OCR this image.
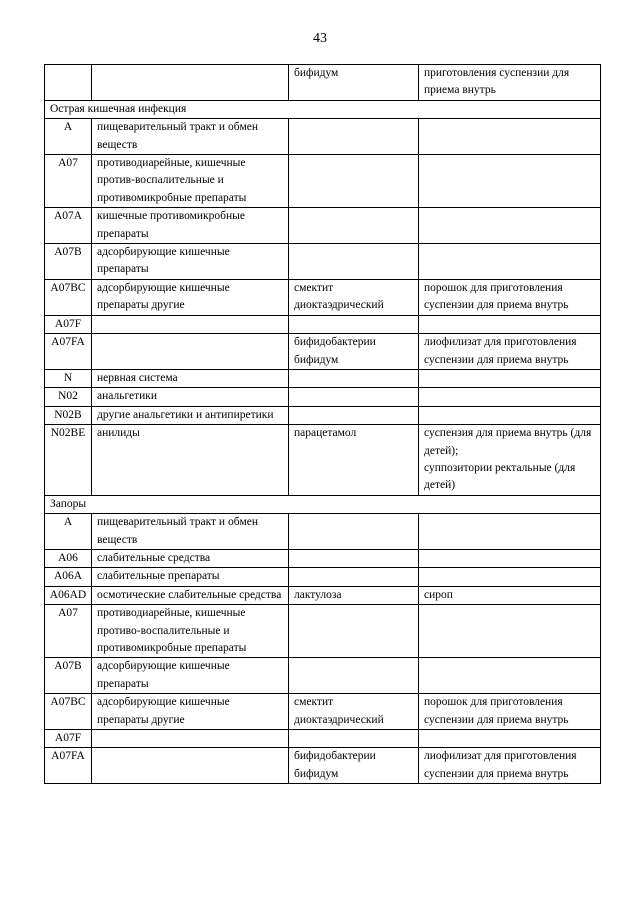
43
		бифидум	приготовления суспензии для приема внутрь
Острая кишечная инфекция			
A	пищеварительный тракт и обмен веществ		
A07	противодиарейные, кишечные против-воспалительные и противомикробные препараты		
A07A	кишечные противомикробные препараты		
A07B	адсорбирующие кишечные препараты		
A07BC	адсорбирующие кишечные препараты другие	смектит диоктаэдрический	порошок для приготовления суспензии для приема внутрь
A07F			
A07FA		бифидобактерии бифидум	лиофилизат для приготовления суспензии для приема внутрь
N	нервная система		
N02	анальгетики		
N02B	другие анальгетики и антипиретики		
N02BE	анилиды	парацетамол	суспензия для приема внутрь (для детей);
суппозитории ректальные (для детей)
Запоры			
A	пищеварительный тракт и обмен веществ		
A06	слабительные средства		
A06A	слабительные препараты		
A06AD	осмотические слабительные средства	лактулоза	сироп
A07	противодиарейные, кишечные противо-воспалительные и противомикробные препараты		
A07B	адсорбирующие кишечные препараты		
A07BC	адсорбирующие кишечные препараты другие	смектит диоктаэдрический	порошок для приготовления суспензии для приема внутрь
A07F			
A07FA		бифидобактерии бифидум	лиофилизат для приготовления суспензии для приема внутрь
